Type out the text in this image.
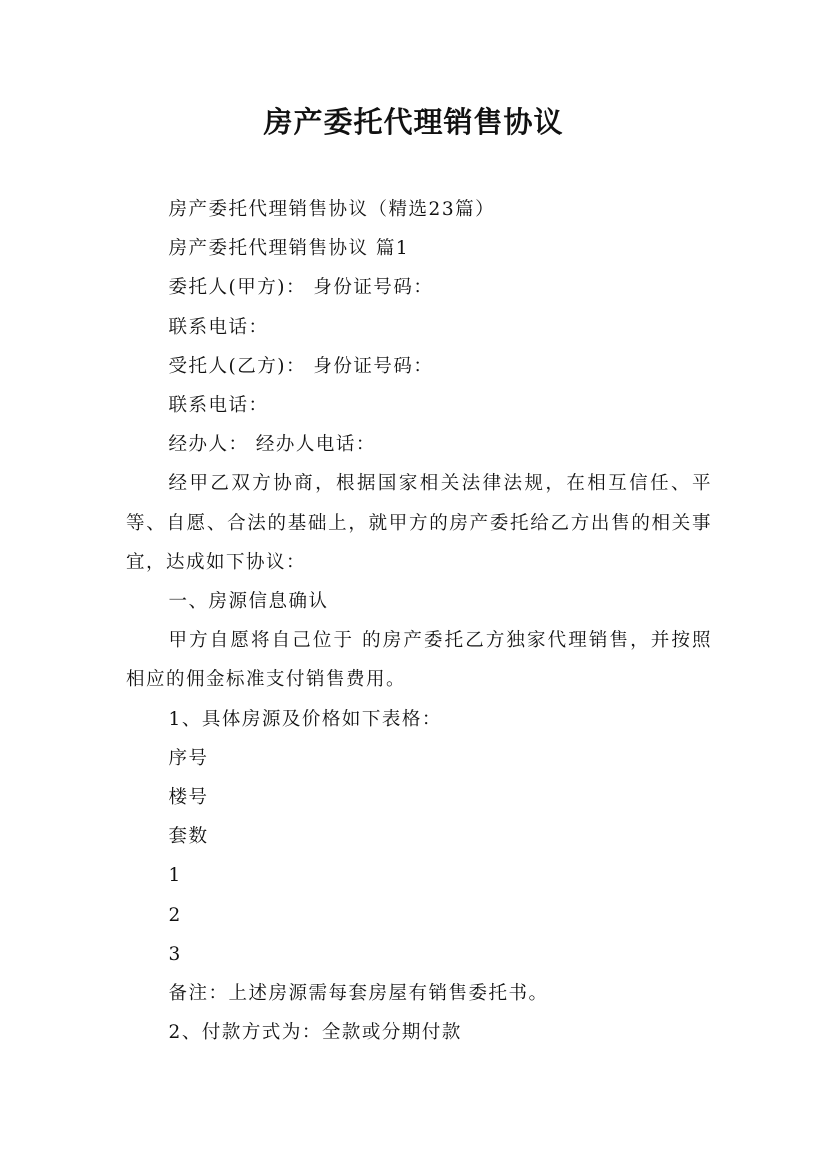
房产委托代理销售协议

房产委托代理销售协议（精选23篇）

房产委托代理销售协议 篇1

委托人(甲方)： 身份证号码：

联系电话：

受托人(乙方)： 身份证号码：

联系电话：

经办人： 经办人电话：

经甲乙双方协商，根据国家相关法律法规，在相互信任、平等、自愿、合法的基础上，就甲方的房产委托给乙方出售的相关事宜，达成如下协议：

一、房源信息确认

甲方自愿将自己位于 的房产委托乙方独家代理销售，并按照相应的佣金标准支付销售费用。

1、具体房源及价格如下表格：

序号

楼号

套数

1

2

3

备注：上述房源需每套房屋有销售委托书。

2、付款方式为：全款或分期付款
